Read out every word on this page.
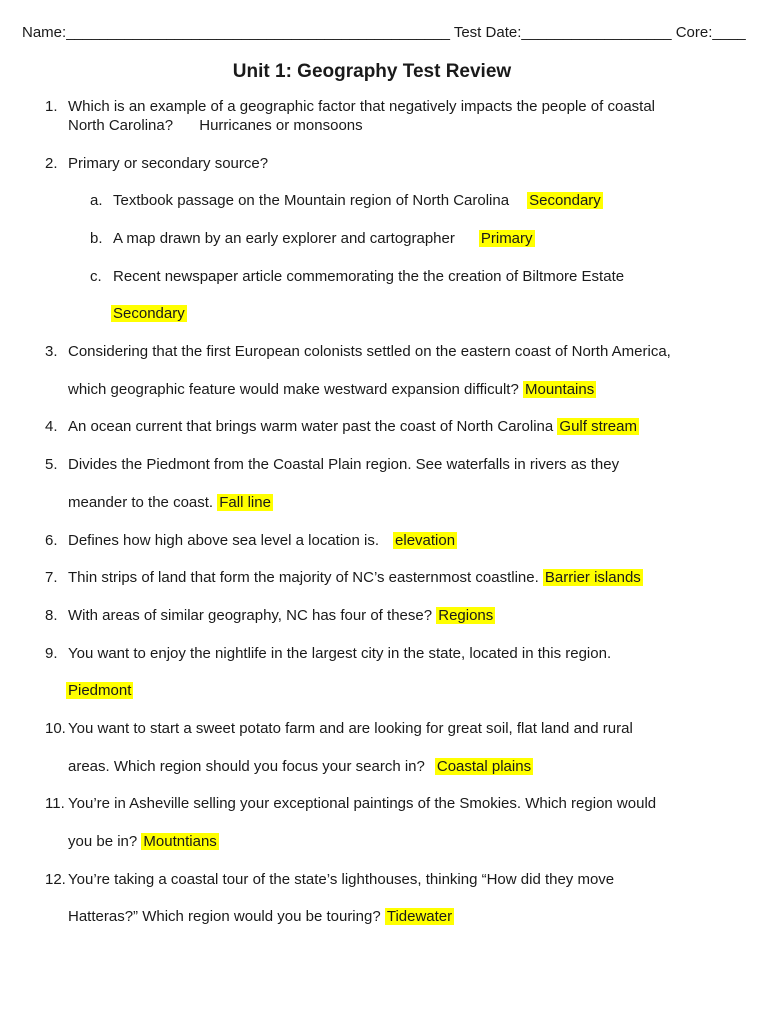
Name:______________________________________________ Test Date:__________________ Core:____
Unit 1: Geography Test Review
1. Which is an example of a geographic factor that negatively impacts the people of coastal
North Carolina? Hurricanes or monsoons
2. Primary or secondary source?
a. Textbook passage on the Mountain region of North Carolina Secondary
b. A map drawn by an early explorer and cartographer Primary
c. Recent newspaper article commemorating the the creation of Biltmore Estate
Secondary
3. Considering that the first European colonists settled on the eastern coast of North America,
which geographic feature would make westward expansion difficult? Mountains
4. An ocean current that brings warm water past the coast of North Carolina Gulf stream
5. Divides the Piedmont from the Coastal Plain region. See waterfalls in rivers as they
meander to the coast. Fall line
6. Defines how high above sea level a location is. elevation
7. Thin strips of land that form the majority of NC’s easternmost coastline. Barrier islands
8. With areas of similar geography, NC has four of these? Regions
9. You want to enjoy the nightlife in the largest city in the state, located in this region.
Piedmont
10. You want to start a sweet potato farm and are looking for great soil, flat land and rural
areas. Which region should you focus your search in? Coastal plains
11. You’re in Asheville selling your exceptional paintings of the Smokies. Which region would
you be in? Moutntians
12. You’re taking a coastal tour of the state’s lighthouses, thinking “How did they move
Hatteras?” Which region would you be touring? Tidewater
